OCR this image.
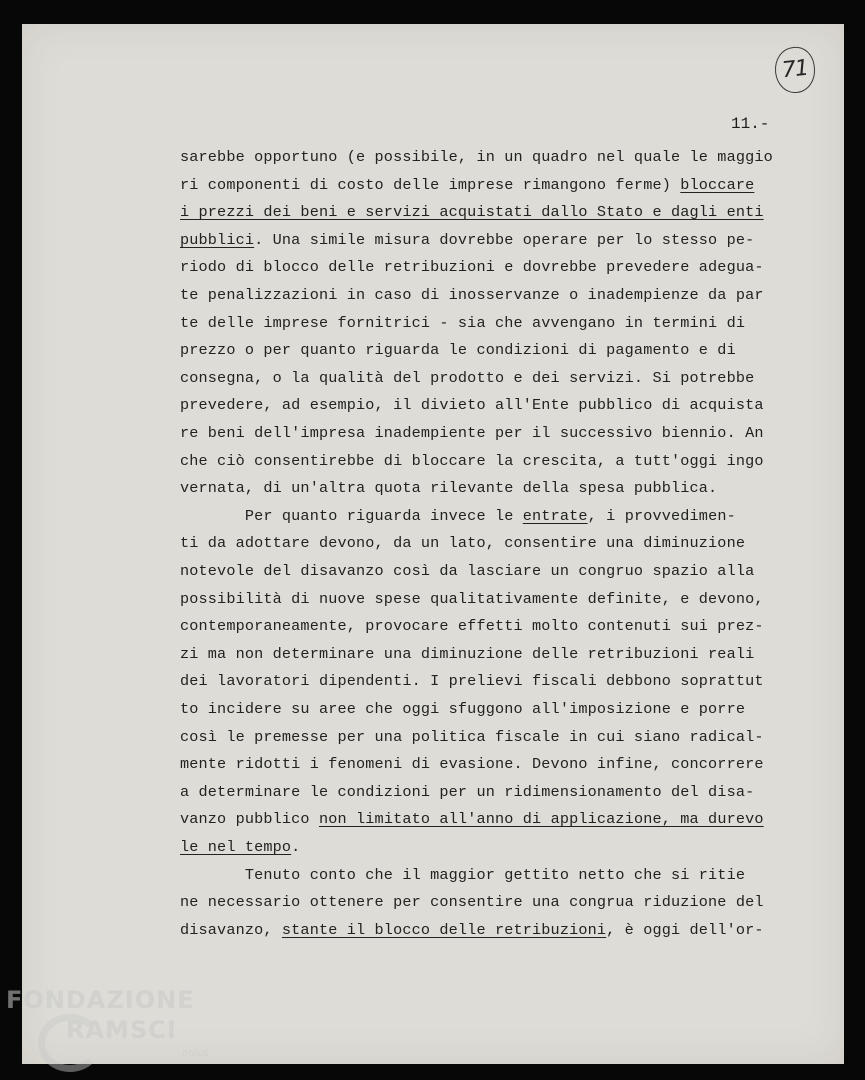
71
11.-
sarebbe opportuno (e possibile, in un quadro nel quale le maggio
ri componenti di costo delle imprese rimangono ferme) bloccare
i prezzi dei beni e servizi acquistati dallo Stato e dagli enti
pubblici. Una simile misura dovrebbe operare per lo stesso pe-
riodo di blocco delle retribuzioni e dovrebbe prevedere adegua-
te penalizzazioni in caso di inosservanze o inadempienze da par
te delle imprese fornitrici - sia che avvengano in termini di
prezzo o per quanto riguarda le condizioni di pagamento e di
consegna, o la qualità del prodotto e dei servizi. Si potrebbe
prevedere, ad esempio, il divieto all'Ente pubblico di acquista
re beni dell'impresa inadempiente per il successivo biennio. An
che ciò consentirebbe di bloccare la crescita, a tutt'oggi ingo
vernata, di un'altra quota rilevante della spesa pubblica.
Per quanto riguarda invece le entrate, i provvedimen-
ti da adottare devono, da un lato, consentire una diminuzione
notevole del disavanzo così da lasciare un congruo spazio alla
possibilità di nuove spese qualitativamente definite, e devono,
contemporaneamente, provocare effetti molto contenuti sui prez-
zi ma non determinare una diminuzione delle retribuzioni reali
dei lavoratori dipendenti. I prelievi fiscali debbono soprattut
to incidere su aree che oggi sfuggono all'imposizione e porre
così le premesse per una politica fiscale in cui siano radical-
mente ridotti i fenomeni di evasione. Devono infine, concorrere
a determinare le condizioni per un ridimensionamento del disa-
vanzo pubblico non limitato all'anno di applicazione, ma durevo
le nel tempo.
Tenuto conto che il maggior gettito netto che si ritie
ne necessario ottenere per consentire una congrua riduzione del
disavanzo, stante il blocco delle retribuzioni, è oggi dell'or-
FONDAZIONE
RAMSCI
onlus
